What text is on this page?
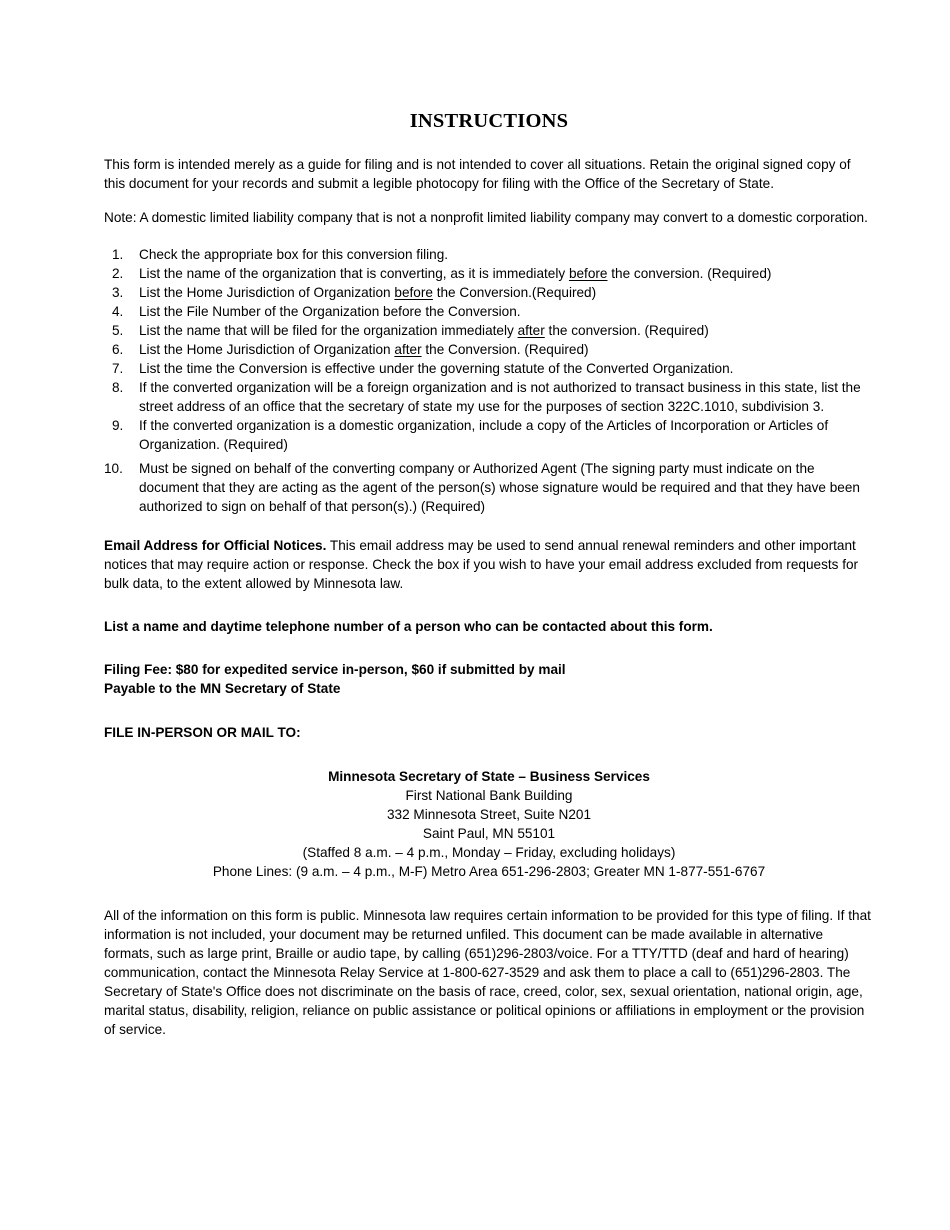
INSTRUCTIONS

This form is intended merely as a guide for filing and is not intended to cover all situations. Retain the original signed copy of this document for your records and submit a legible photocopy for filing with the Office of the Secretary of State.

Note: A domestic limited liability company that is not a nonprofit limited liability company may convert to a domestic corporation.

1. Check the appropriate box for this conversion filing.
2. List the name of the organization that is converting, as it is immediately before the conversion. (Required)
3. List the Home Jurisdiction of Organization before the Conversion.(Required)
4. List the File Number of the Organization before the Conversion.
5. List the name that will be filed for the organization immediately after the conversion. (Required)
6. List the Home Jurisdiction of Organization after the Conversion. (Required)
7. List the time the Conversion is effective under the governing statute of the Converted Organization.
8. If the converted organization will be a foreign organization and is not authorized to transact business in this state, list the street address of an office that the secretary of state my use for the purposes of section 322C.1010, subdivision 3.
9. If the converted organization is a domestic organization, include a copy of the Articles of Incorporation or Articles of Organization. (Required)
10. Must be signed on behalf of the converting company or Authorized Agent (The signing party must indicate on the document that they are acting as the agent of the person(s) whose signature would be required and that they have been authorized to sign on behalf of that person(s).) (Required)

Email Address for Official Notices. This email address may be used to send annual renewal reminders and other important notices that may require action or response. Check the box if you wish to have your email address excluded from requests for bulk data, to the extent allowed by Minnesota law.

List a name and daytime telephone number of a person who can be contacted about this form.

Filing Fee: $80 for expedited service in-person, $60 if submitted by mail
Payable to the MN Secretary of State

FILE IN-PERSON OR MAIL TO:

Minnesota Secretary of State – Business Services
First National Bank Building
332 Minnesota Street, Suite N201
Saint Paul, MN 55101
(Staffed 8 a.m. – 4 p.m., Monday – Friday, excluding holidays)
Phone Lines: (9 a.m. – 4 p.m., M-F) Metro Area 651-296-2803; Greater MN 1-877-551-6767

All of the information on this form is public. Minnesota law requires certain information to be provided for this type of filing. If that information is not included, your document may be returned unfiled. This document can be made available in alternative formats, such as large print, Braille or audio tape, by calling (651)296-2803/voice. For a TTY/TTD (deaf and hard of hearing) communication, contact the Minnesota Relay Service at 1-800-627-3529 and ask them to place a call to (651)296-2803. The Secretary of State's Office does not discriminate on the basis of race, creed, color, sex, sexual orientation, national origin, age, marital status, disability, religion, reliance on public assistance or political opinions or affiliations in employment or the provision of service.
